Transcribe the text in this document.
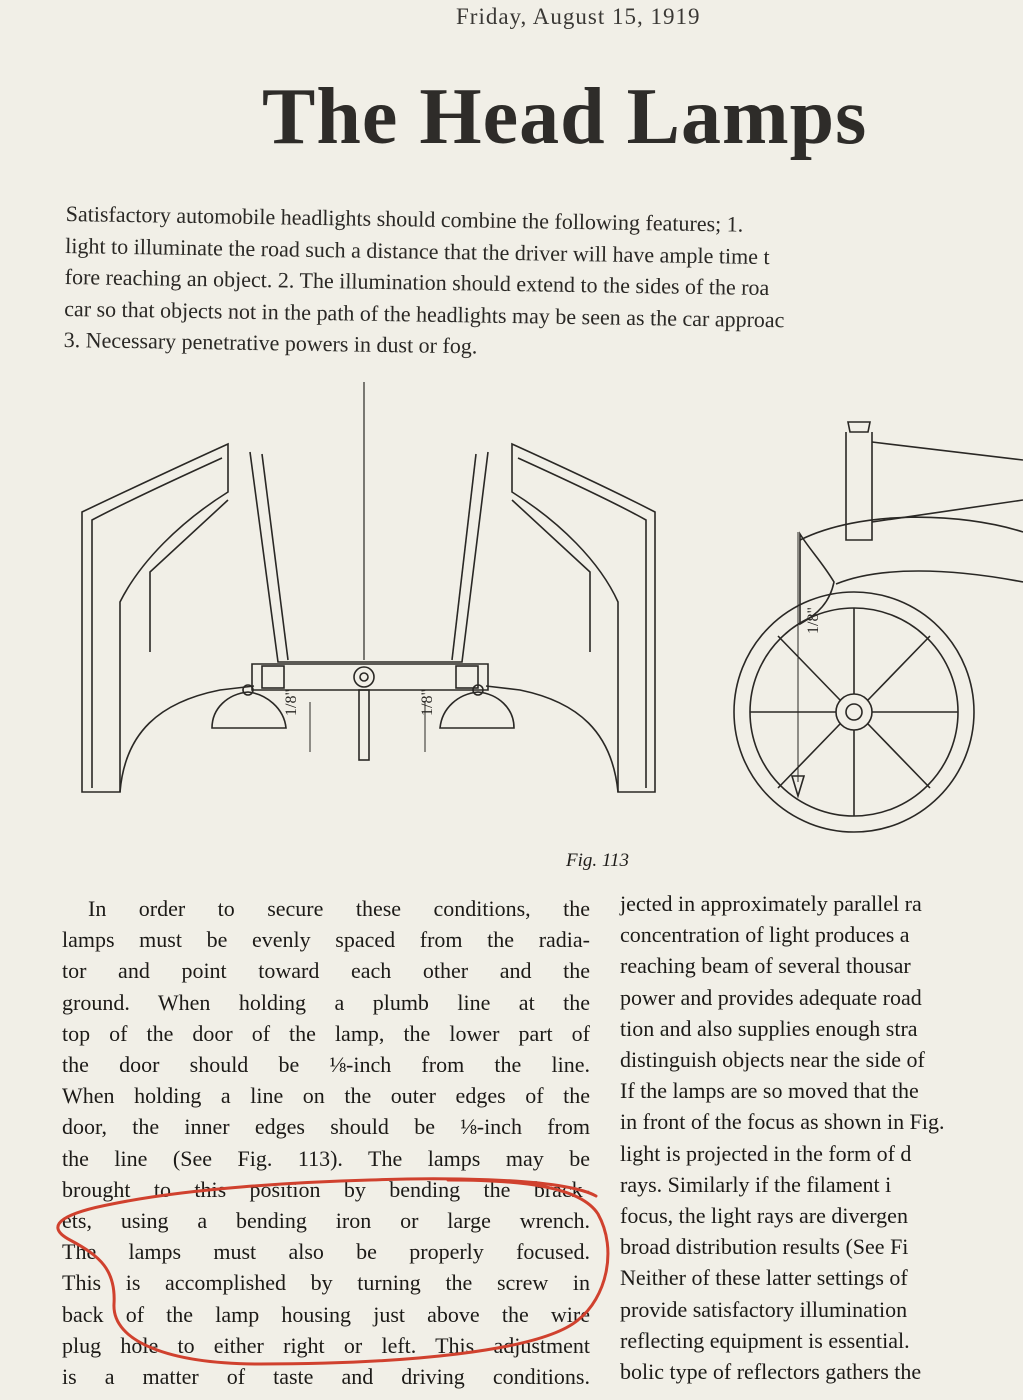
Friday, August 15, 1919
The Head Lamps
Satisfactory automobile headlights should combine the following features; 1.
light to illuminate the road such a distance that the driver will have ample time t
fore reaching an object. 2. The illumination should extend to the sides of the roa
car so that objects not in the path of the headlights may be seen as the car approac
3. Necessary penetrative powers in dust or fog.
1/8"	1/8"
1/8"
Fig. 113
In order to secure these conditions, the
lamps must be evenly spaced from the radia-
tor and point toward each other and the
ground. When holding a plumb line at the
top of the door of the lamp, the lower part of
the door should be ⅛-inch from the line.
When holding a line on the outer edges of the
door, the inner edges should be ⅛-inch from
the line (See Fig. 113). The lamps may be
brought to this position by bending the brack-
ets, using a bending iron or large wrench.
The lamps must also be properly focused.
This is accomplished by turning the screw in
back of the lamp housing just above the wire
plug hole to either right or left. This adjustment
is a matter of taste and driving conditions.
jected in approximately parallel ra
concentration of light produces a
reaching beam of several thousar
power and provides adequate road
tion and also supplies enough stra
distinguish objects near the side of
If the lamps are so moved that the
in front of the focus as shown in Fig.
light is projected in the form of d
rays. Similarly if the filament i
focus, the light rays are divergen
broad distribution results (See Fi
Neither of these latter settings of
provide satisfactory illumination
reflecting equipment is essential.
bolic type of reflectors gathers the
